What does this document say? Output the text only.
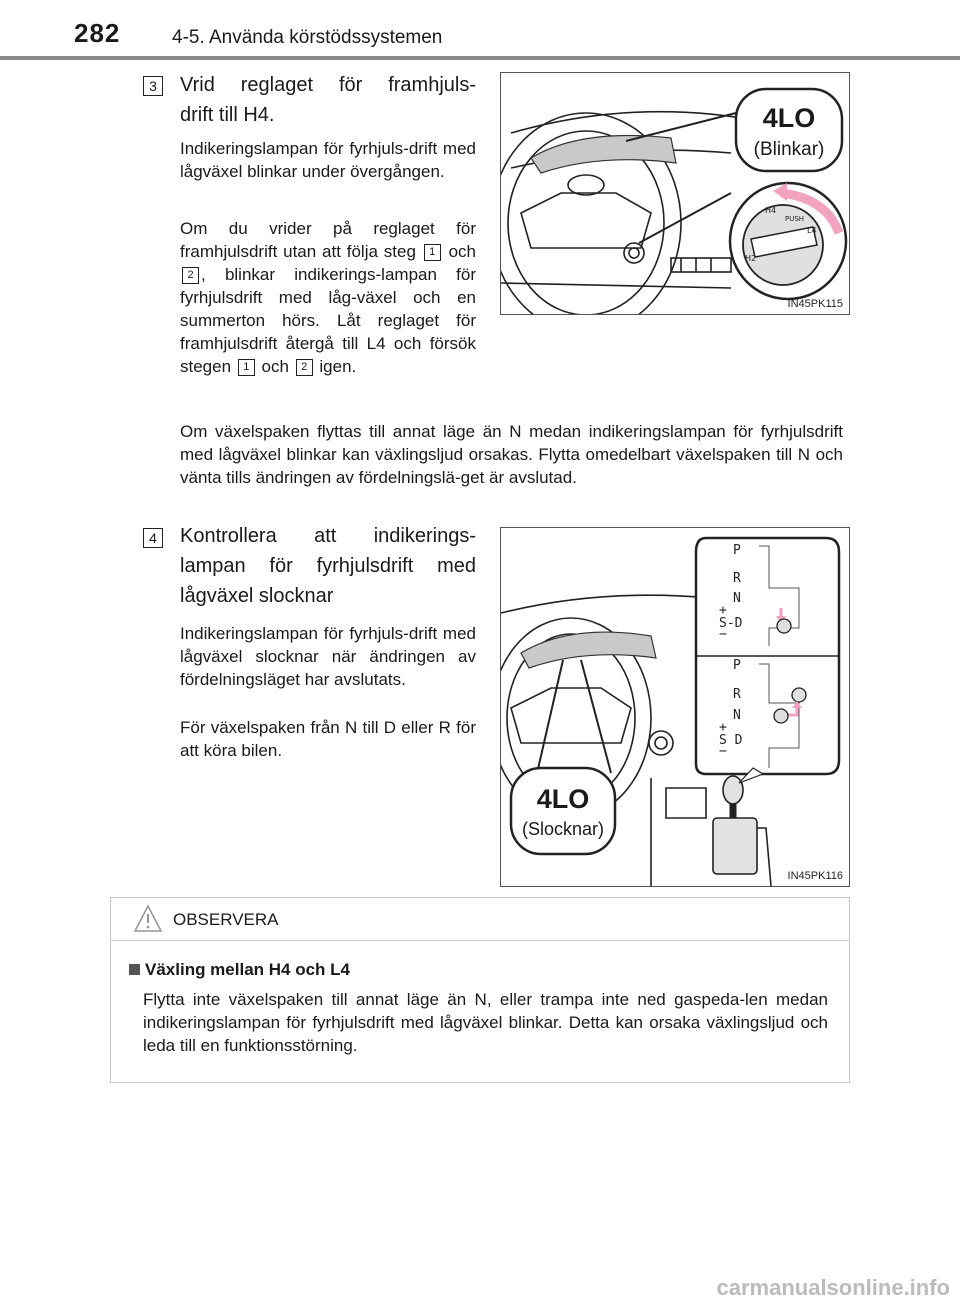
282	4-5. Använda körstödssystemen
3	Vrid reglaget för framhjuls-
drift till H4.
Indikeringslampan för fyrhjuls-drift med lågväxel blinkar under övergången.
Om du vrider på reglaget för framhjulsdrift utan att följa steg 1 och 2 , blinkar indikerings-lampan för fyrhjulsdrift med låg-växel och en summerton hörs. Låt reglaget för framhjulsdrift återgå till L4 och försök stegen 1 och 2 igen.
Om växelspaken flyttas till annat läge än N medan indikeringslampan för fyrhjulsdrift med lågväxel blinkar kan växlingsljud orsakas. Flytta omedelbart växelspaken till N och vänta tills ändringen av fördelningslä-get är avslutad.
H4
L4
H2
PUSH
4LO
(Blinkar)
IN45PK115
4	Kontrollera att indikerings-
lampan för fyrhjulsdrift med
lågväxel slocknar
Indikeringslampan för fyrhjuls-drift med lågväxel slocknar när ändringen av fördelningsläget har avslutats.
För växelspaken från N till D eller R för att köra bilen.
P
R
N
+
S-D
−
P
R
N
+
S D
−
4LO
(Slocknar)
IN45PK116
OBSERVERA
Växling mellan H4 och L4
Flytta inte växelspaken till annat läge än N, eller trampa inte ned gaspeda-len medan indikeringslampan för fyrhjulsdrift med lågväxel blinkar. Detta kan orsaka växlingsljud och leda till en funktionsstörning.
carmanualsonline.info
